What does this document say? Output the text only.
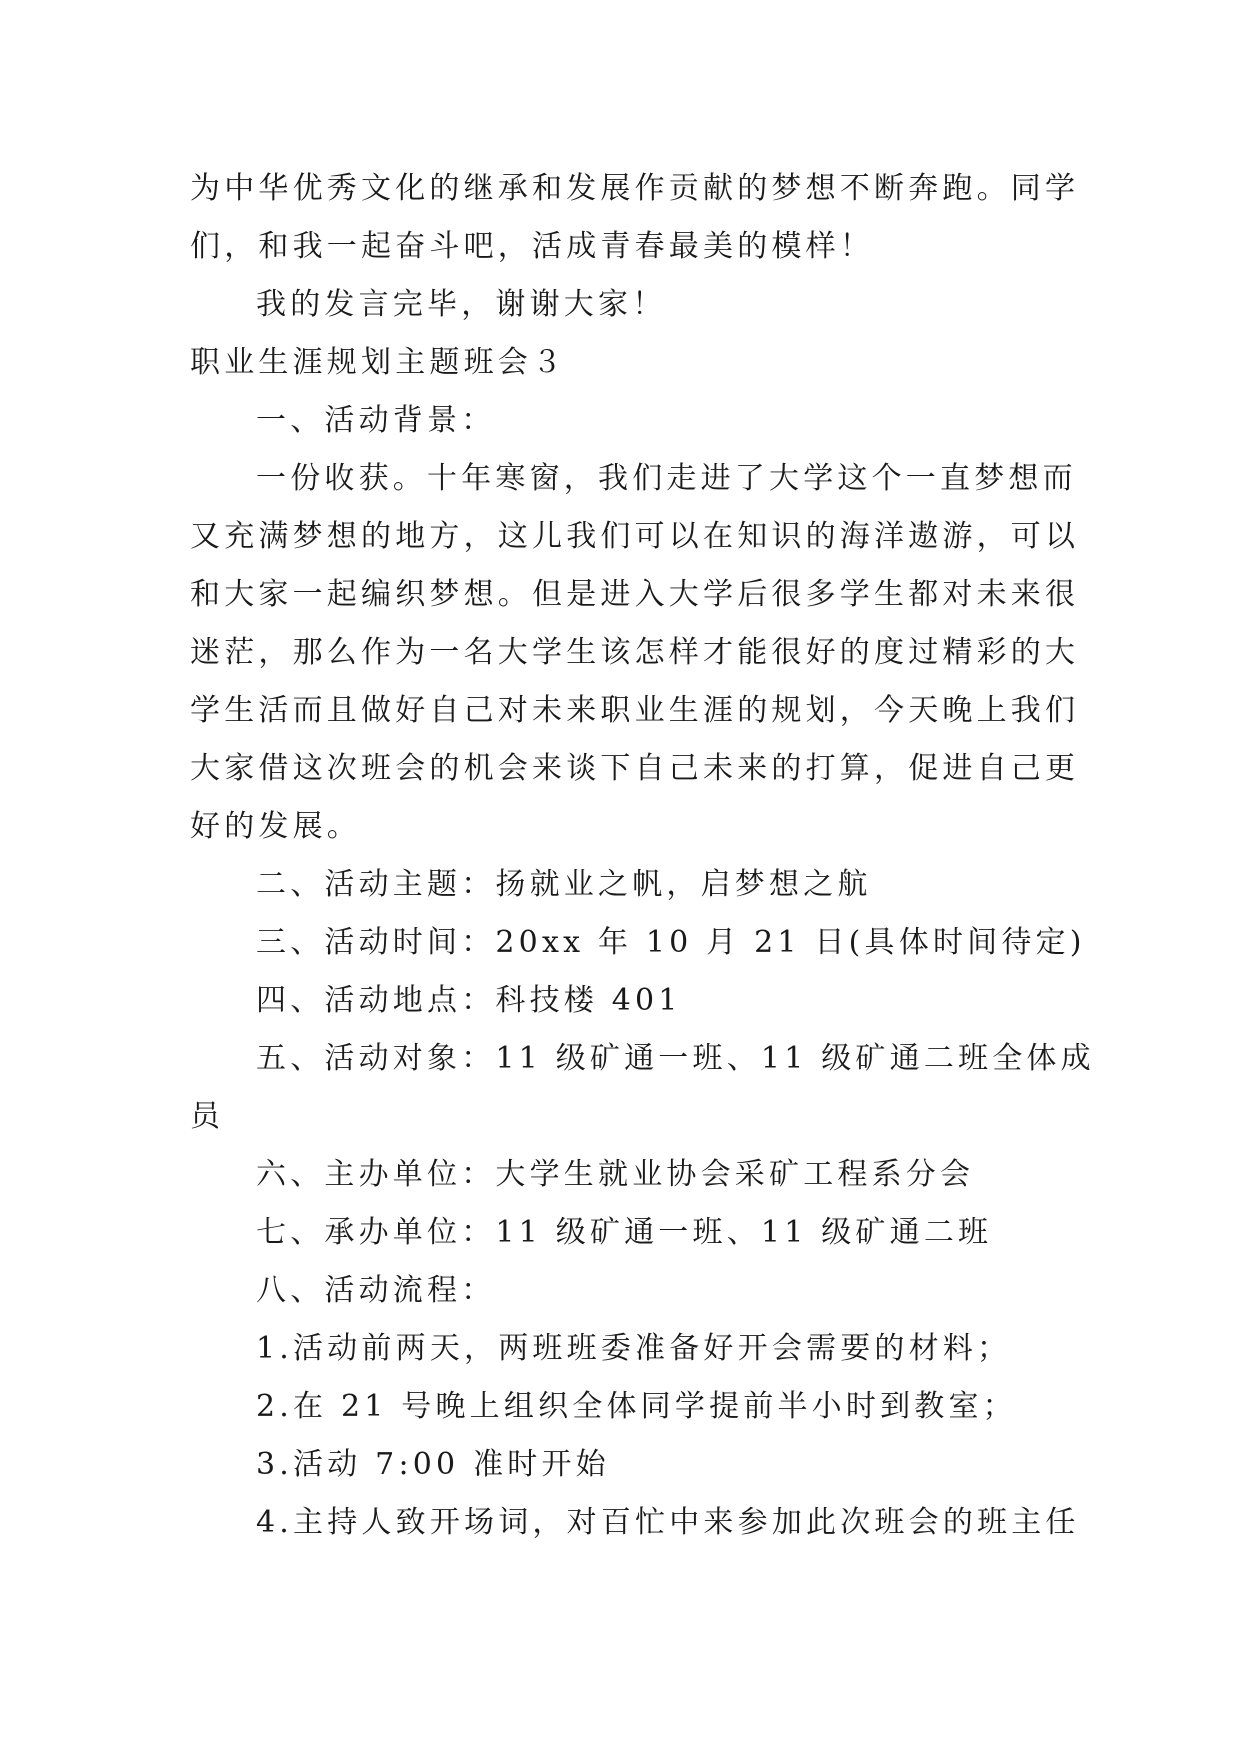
为中华优秀文化的继承和发展作贡献的梦想不断奔跑。同学
们，和我一起奋斗吧，活成青春最美的模样！
我的发言完毕，谢谢大家！
职业生涯规划主题班会３
一、活动背景：
一份收获。十年寒窗，我们走进了大学这个一直梦想而
又充满梦想的地方，这儿我们可以在知识的海洋遨游，可以
和大家一起编织梦想。但是进入大学后很多学生都对未来很
迷茫，那么作为一名大学生该怎样才能很好的度过精彩的大
学生活而且做好自己对未来职业生涯的规划，今天晚上我们
大家借这次班会的机会来谈下自己未来的打算，促进自己更
好的发展。
二、活动主题：扬就业之帆，启梦想之航
三、活动时间：20xx 年 10 月 21 日(具体时间待定)
四、活动地点：科技楼 401
五、活动对象：11 级矿通一班、11 级矿通二班全体成
员
六、主办单位：大学生就业协会采矿工程系分会
七、承办单位：11 级矿通一班、11 级矿通二班
八、活动流程：
1.活动前两天，两班班委准备好开会需要的材料；
2.在 21 号晚上组织全体同学提前半小时到教室；
3.活动 7:00 准时开始
4.主持人致开场词，对百忙中来参加此次班会的班主任
